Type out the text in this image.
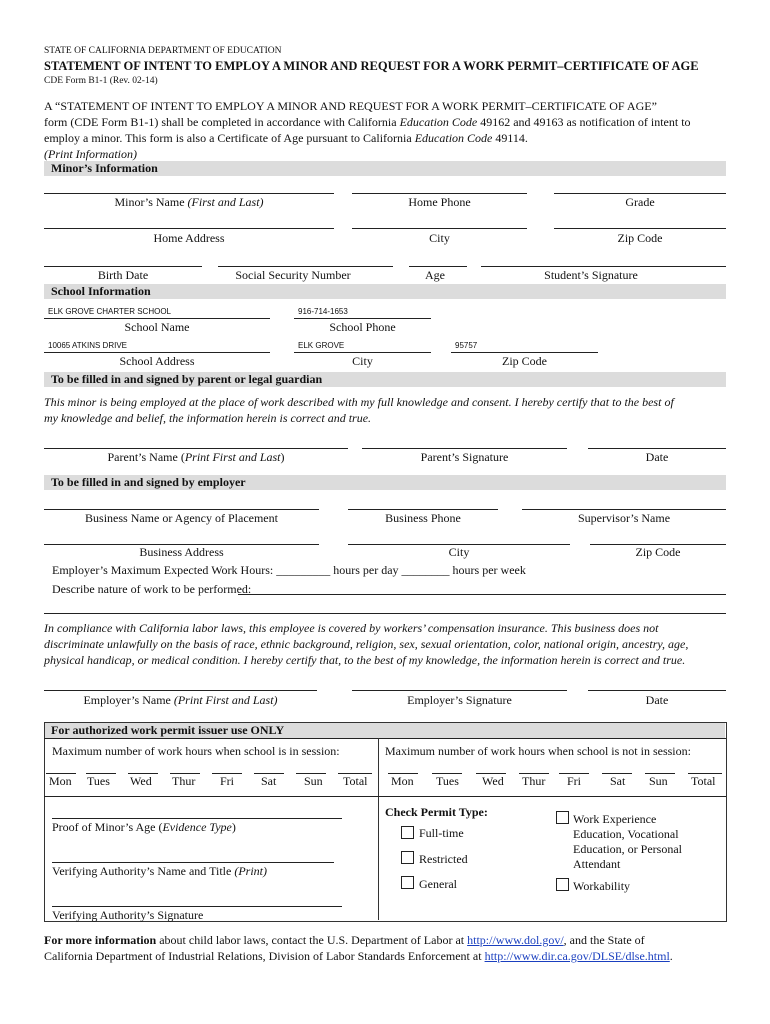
STATE OF CALIFORNIA DEPARTMENT OF EDUCATION
STATEMENT OF INTENT TO EMPLOY A MINOR AND REQUEST FOR A WORK PERMIT–CERTIFICATE OF AGE
CDE Form B1-1 (Rev. 02-14)
A “STATEMENT OF INTENT TO EMPLOY A MINOR AND REQUEST FOR A WORK PERMIT–CERTIFICATE OF AGE”
form (CDE Form B1-1) shall be completed in accordance with California Education Code 49162 and 49163 as notification of intent to
employ a minor. This form is also a Certificate of Age pursuant to California Education Code 49114.
(Print Information)
Minor’s Information
Minor’s Name (First and Last)	Home Phone	Grade
Home Address	City	Zip Code
Birth Date	Social Security Number	Age	Student’s Signature
School Information
ELK GROVE CHARTER SCHOOL	916-714-1653
School Name	School Phone
10065 ATKINS DRIVE	ELK GROVE	95757
School Address	City	Zip Code
To be filled in and signed by parent or legal guardian
This minor is being employed at the place of work described with my full knowledge and consent. I hereby certify that to the best of
my knowledge and belief, the information herein is correct and true.
Parent’s Name (Print First and Last)	Parent’s Signature	Date
To be filled in and signed by employer
Business Name or Agency of Placement	Business Phone	Supervisor’s Name
Business Address	City	Zip Code
Employer’s Maximum Expected Work Hours: _________ hours per day ________ hours per week
Describe nature of work to be performed:
In compliance with California labor laws, this employee is covered by workers’ compensation insurance. This business does not
discriminate unlawfully on the basis of race, ethnic background, religion, sex, sexual orientation, color, national origin, ancestry, age,
physical handicap, or medical condition. I hereby certify that, to the best of my knowledge, the information herein is correct and true.
Employer’s Name (Print First and Last)	Employer’s Signature	Date
For authorized work permit issuer use ONLY
Maximum number of work hours when school is in session:	Maximum number of work hours when school is not in session:
Mon Tues Wed Thur Fri Sat Sun Total Mon Tues Wed Thur Fri Sat Sun Total
Proof of Minor’s Age (Evidence Type)
Verifying Authority’s Name and Title (Print)
Verifying Authority’s Signature
Check Permit Type:
Full-time
Restricted
General
Work Experience
Education, Vocational
Education, or Personal
Attendant
Workability
For more information about child labor laws, contact the U.S. Department of Labor at http://www.dol.gov/, and the State of
California Department of Industrial Relations, Division of Labor Standards Enforcement at http://www.dir.ca.gov/DLSE/dlse.html.
